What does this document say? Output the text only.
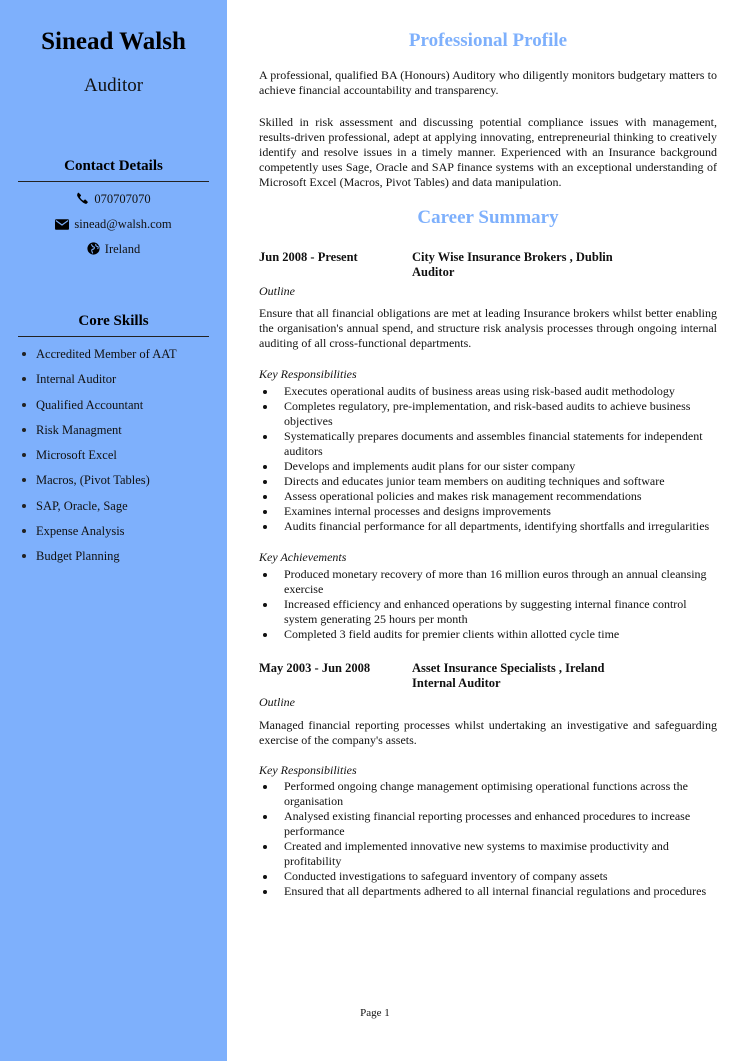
Sinead Walsh
Auditor
Contact Details
070707070
sinead@walsh.com
Ireland
Core Skills
Accredited Member of AAT
Internal Auditor
Qualified Accountant
Risk Managment
Microsoft Excel
Macros, (Pivot Tables)
SAP, Oracle, Sage
Expense Analysis
Budget Planning
Professional Profile

A professional, qualified BA (Honours) Auditory who diligently monitors budgetary matters to achieve financial accountability and transparency.

Skilled in risk assessment and discussing potential compliance issues with management, results-driven professional, adept at applying innovating, entrepreneurial thinking to creatively identify and resolve issues in a timely manner. Experienced with an Insurance background competently uses Sage, Oracle and SAP finance systems with an exceptional understanding of Microsoft Excel (Macros, Pivot Tables) and data manipulation.

Career Summary
Jun 2008 - Present	City Wise Insurance Brokers , Dublin
Auditor
Outline

Ensure that all financial obligations are met at leading Insurance brokers whilst better enabling the organisation's annual spend, and structure risk analysis processes through ongoing internal auditing of all cross-functional departments.

Key Responsibilities
Executes operational audits of business areas using risk-based audit methodology
Completes regulatory, pre-implementation, and risk-based audits to achieve business objectives
Systematically prepares documents and assembles financial statements for independent auditors
Develops and implements audit plans for our sister company
Directs and educates junior team members on auditing techniques and software
Assess operational policies and makes risk management recommendations
Examines internal processes and designs improvements
Audits financial performance for all departments, identifying shortfalls and irregularities
Key Achievements
Produced monetary recovery of more than 16 million euros through an annual cleansing exercise
Increased efficiency and enhanced operations by suggesting internal finance control system generating 25 hours per month
Completed 3 field audits for premier clients within allotted cycle time
May 2003 - Jun 2008	Asset Insurance Specialists , Ireland
Internal Auditor
Outline

Managed financial reporting processes whilst undertaking an investigative and safeguarding exercise of the company's assets.

Key Responsibilities
Performed ongoing change management optimising operational functions across the organisation
Analysed existing financial reporting processes and enhanced procedures to increase performance
Created and implemented innovative new systems to maximise productivity and profitability
Conducted investigations to safeguard inventory of company assets
Ensured that all departments adhered to all internal financial regulations and procedures
Page 1
